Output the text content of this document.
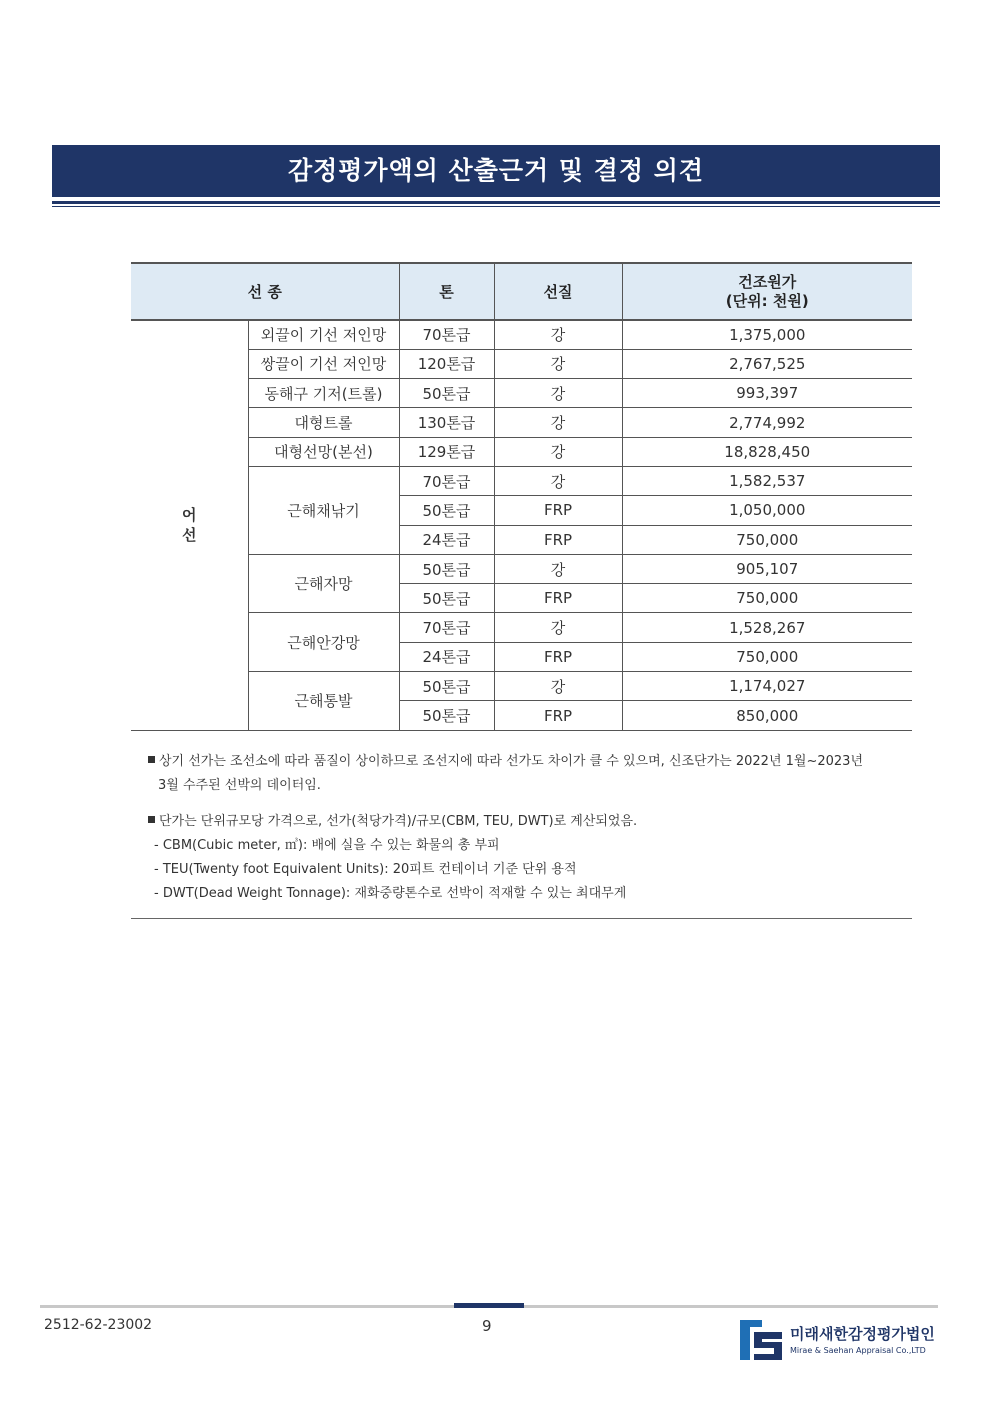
감정평가액의 산출근거 및 결정 의견
선 종		톤	선질	건조원가
(단위: 천원)

어
선	외끌이 기선 저인망	70톤급	강	1,375,000
	쌍끌이 기선 저인망	120톤급	강	2,767,525
	동해구 기저(트롤)	50톤급	강	993,397
	대형트롤	130톤급	강	2,774,992
	대형선망(본선)	129톤급	강	18,828,450
	근해채낚기	70톤급	강	1,582,537
		50톤급	FRP	1,050,000
		24톤급	FRP	750,000
	근해자망	50톤급	강	905,107
		50톤급	FRP	750,000
	근해안강망	70톤급	강	1,528,267
		24톤급	FRP	750,000
	근해통발	50톤급	강	1,174,027
		50톤급	FRP	850,000
상기 선가는 조선소에 따라 품질이 상이하므로 조선지에 따라 선가도 차이가 클 수 있으며, 신조단가는 2022년 1월~2023년
3월 수주된 선박의 데이터임.
단가는 단위규모당 가격으로, 선가(척당가격)/규모(CBM, TEU, DWT)로 계산되었음.
- CBM(Cubic meter, ㎥): 배에 실을 수 있는 화물의 총 부피
- TEU(Twenty foot Equivalent Units): 20피트 컨테이너 기준 단위 용적
- DWT(Dead Weight Tonnage): 재화중량톤수로 선박이 적재할 수 있는 최대무게
2512-62-23002	9	미래새한감정평가법인
Mirae & Saehan Appraisal Co.,LTD
